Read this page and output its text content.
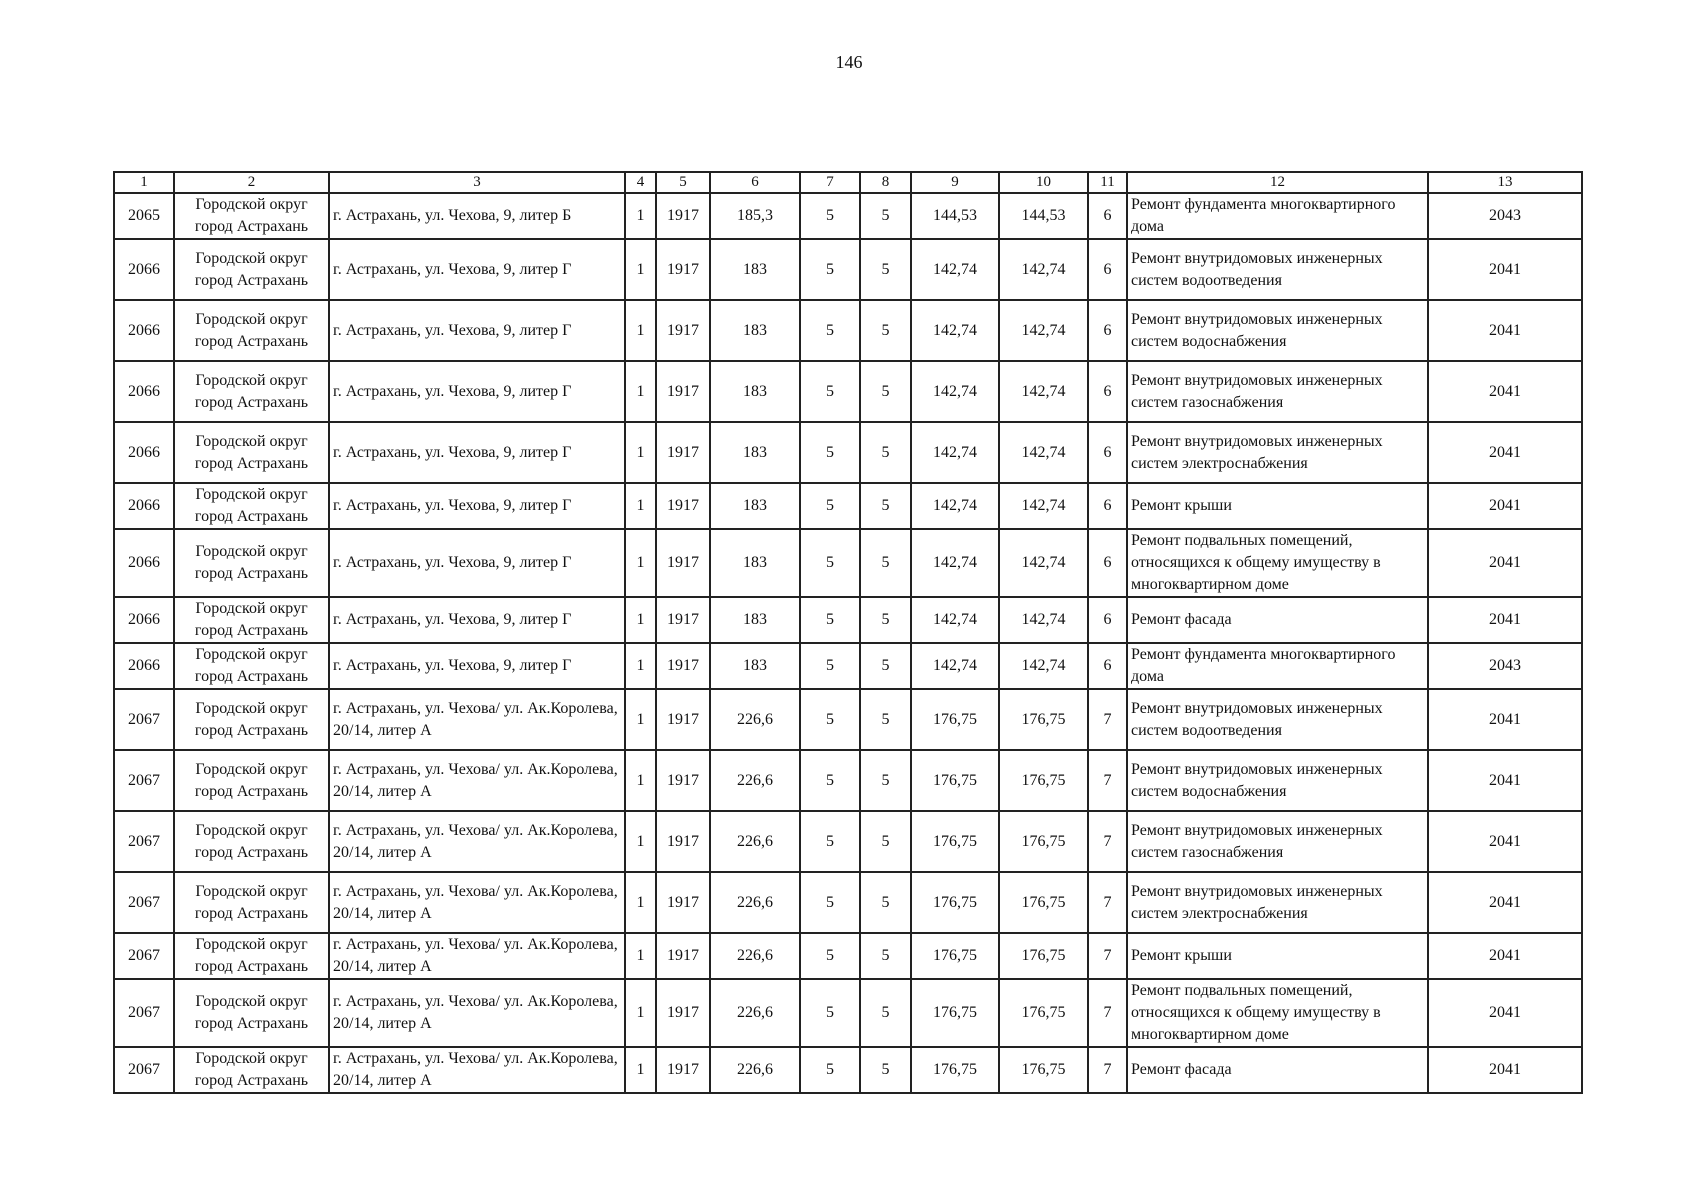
146
1	2	3	4	5	6	7	8	9	10	11	12	13
2065	Городской округ город Астрахань	г. Астрахань, ул. Чехова, 9, литер Б	1	1917	185,3	5	5	144,53	144,53	6	Ремонт фундамента многоквартирного дома	2043
2066	Городской округ город Астрахань	г. Астрахань, ул. Чехова, 9, литер Г	1	1917	183	5	5	142,74	142,74	6	Ремонт внутридомовых инженерных систем водоотведения	2041
2066	Городской округ город Астрахань	г. Астрахань, ул. Чехова, 9, литер Г	1	1917	183	5	5	142,74	142,74	6	Ремонт внутридомовых инженерных систем водоснабжения	2041
2066	Городской округ город Астрахань	г. Астрахань, ул. Чехова, 9, литер Г	1	1917	183	5	5	142,74	142,74	6	Ремонт внутридомовых инженерных систем газоснабжения	2041
2066	Городской округ город Астрахань	г. Астрахань, ул. Чехова, 9, литер Г	1	1917	183	5	5	142,74	142,74	6	Ремонт внутридомовых инженерных систем электроснабжения	2041
2066	Городской округ город Астрахань	г. Астрахань, ул. Чехова, 9, литер Г	1	1917	183	5	5	142,74	142,74	6	Ремонт крыши	2041
2066	Городской округ город Астрахань	г. Астрахань, ул. Чехова, 9, литер Г	1	1917	183	5	5	142,74	142,74	6	Ремонт подвальных помещений, относящихся к общему имуществу в многоквартирном доме	2041
2066	Городской округ город Астрахань	г. Астрахань, ул. Чехова, 9, литер Г	1	1917	183	5	5	142,74	142,74	6	Ремонт фасада	2041
2066	Городской округ город Астрахань	г. Астрахань, ул. Чехова, 9, литер Г	1	1917	183	5	5	142,74	142,74	6	Ремонт фундамента многоквартирного дома	2043
2067	Городской округ город Астрахань	г. Астрахань, ул. Чехова/ ул. Ак.Королева, 20/14, литер А	1	1917	226,6	5	5	176,75	176,75	7	Ремонт внутридомовых инженерных систем водоотведения	2041
2067	Городской округ город Астрахань	г. Астрахань, ул. Чехова/ ул. Ак.Королева, 20/14, литер А	1	1917	226,6	5	5	176,75	176,75	7	Ремонт внутридомовых инженерных систем водоснабжения	2041
2067	Городской округ город Астрахань	г. Астрахань, ул. Чехова/ ул. Ак.Королева, 20/14, литер А	1	1917	226,6	5	5	176,75	176,75	7	Ремонт внутридомовых инженерных систем газоснабжения	2041
2067	Городской округ город Астрахань	г. Астрахань, ул. Чехова/ ул. Ак.Королева, 20/14, литер А	1	1917	226,6	5	5	176,75	176,75	7	Ремонт внутридомовых инженерных систем электроснабжения	2041
2067	Городской округ город Астрахань	г. Астрахань, ул. Чехова/ ул. Ак.Королева, 20/14, литер А	1	1917	226,6	5	5	176,75	176,75	7	Ремонт крыши	2041
2067	Городской округ город Астрахань	г. Астрахань, ул. Чехова/ ул. Ак.Королева, 20/14, литер А	1	1917	226,6	5	5	176,75	176,75	7	Ремонт подвальных помещений, относящихся к общему имуществу в многоквартирном доме	2041
2067	Городской округ город Астрахань	г. Астрахань, ул. Чехова/ ул. Ак.Королева, 20/14, литер А	1	1917	226,6	5	5	176,75	176,75	7	Ремонт фасада	2041
